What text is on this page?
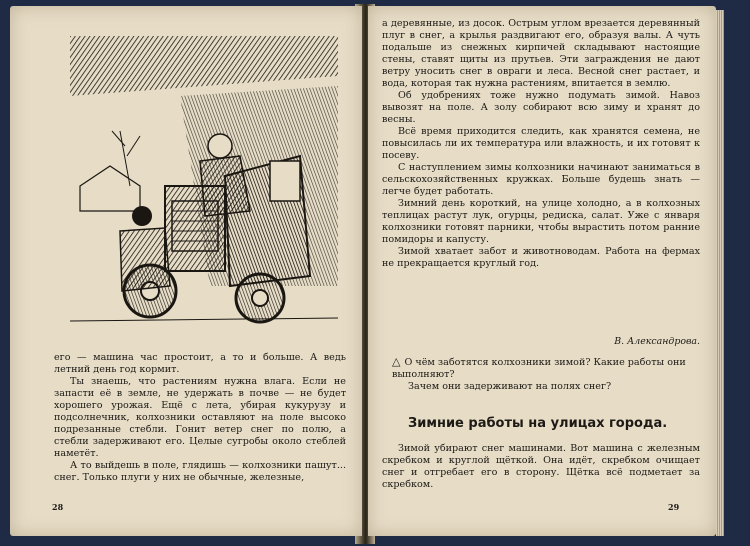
его — машина час простоит, а то и больше. А ведь летний день год кормит.

Ты знаешь, что растениям нужна влага. Если не запасти её в земле, не удержать в почве — не будет хорошего урожая. Ещё с лета, убирая кукурузу и подсолнечник, колхозники оставляют на поле высоко подрезанные стебли. Гонит ветер снег по полю, а стебли задерживают его. Целые сугробы около стеблей наметёт.

А то выйдешь в поле, глядишь — колхозники пашут... снег. Только плуги у них не обычные, железные,

28

а деревянные, из досок. Острым углом врезается деревянный плуг в снег, а крылья раздвигают его, образуя валы. А чуть подальше из снежных кирпичей складывают настоящие стены, ставят щиты из прутьев. Эти заграждения не дают ветру уносить снег в овраги и леса. Весной снег растает, и вода, которая так нужна растениям, впитается в землю.

Об удобрениях тоже нужно подумать зимой. Навоз вывозят на поле. А золу собирают всю зиму и хранят до весны.

Всё время приходится следить, как хранятся семена, не повысилась ли их температура или влажность, и их готовят к посеву.

С наступлением зимы колхозники начинают заниматься в сельскохозяйственных кружках. Больше будешь знать — легче будет работать.

Зимний день короткий, на улице холодно, а в колхозных теплицах растут лук, огурцы, редиска, салат. Уже с января колхозники готовят парники, чтобы вырастить потом ранние помидоры и капусту.

Зимой хватает забот и животноводам. Работа на фермах не прекращается круглый год.

В. Александрова.

△ О чём заботятся колхозники зимой? Какие работы они выполняют?

Зачем они задерживают на полях снег?

Зимние работы на улицах города.

Зимой убирают снег машинами. Вот машина с железным скребком и круглой щёткой. Она идёт, скребком очищает снег и отгребает его в сторону. Щётка всё подметает за скребком.

29
